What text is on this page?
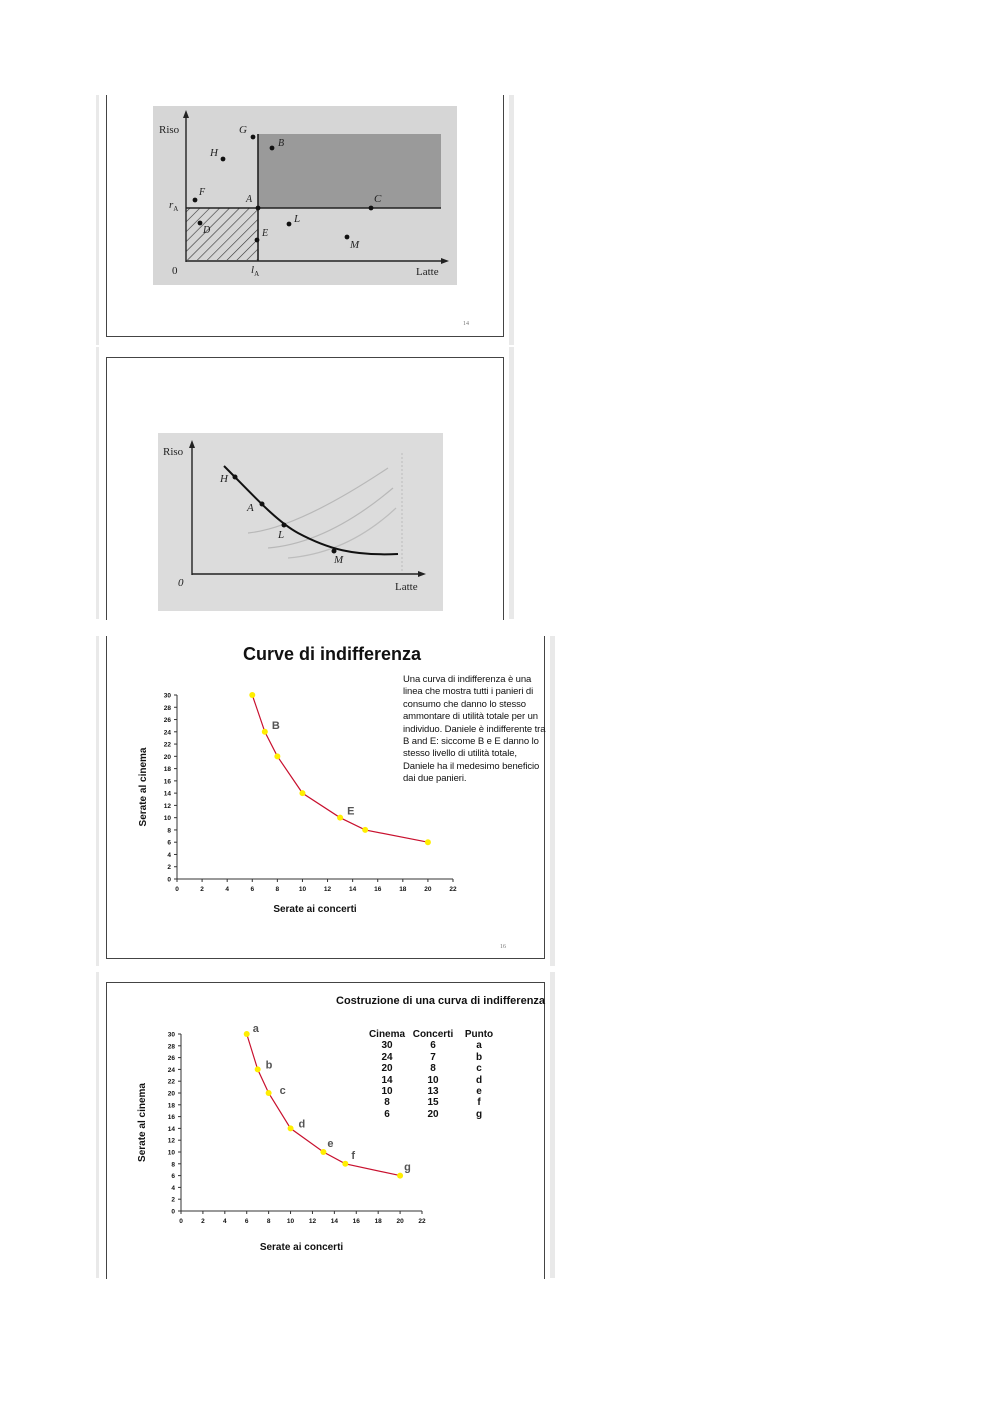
Riso
Latte
0
$r_A$
$l_A$
G
B
H
F
A	C
D
L
E
M
14
Riso
Latte
0
H
A
L
M
Curve di indifferenza
0
2
4
6
8
10
12
14
16
18
20
22
24
26
28
30
0	2	4	6	8	10	12	14	16	18	20	22
Serate ai concerti
Serate al cinema
B
E
Una curva di indifferenza è una linea che mostra tutti i panieri di consumo che danno lo stesso ammontare di utilità totale per un individuo. Daniele è indifferente tra B and E: siccome B e E danno lo stesso livello di utilità totale, Daniele ha il medesimo beneficio dai due panieri.
16
Costruzione di una curva di indifferenza
Cinema	Concerti	Punto
30	6	a
24	7	b
20	8	c
14	10	d
10	13	e
8	15	f
6	20	g
0
2
4
6
8
10
12
14
16
18
20
22
24
26
28
30
0	2	4	6	8	10 12 14 16 18 20 22
Serate ai concerti
Serate al cinema
a
b
c
d
e
f
g
